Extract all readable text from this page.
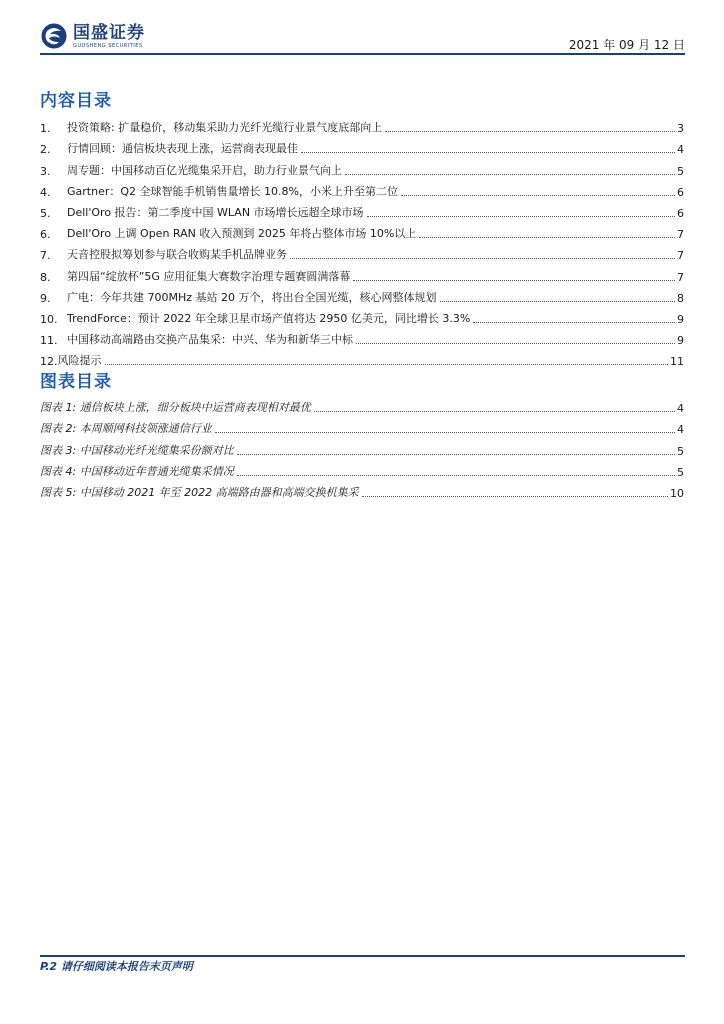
国盛证券
GUOSHENG SECURITIES	2021 年 09 月 12 日
内容目录
1.	投资策略: 扩量稳价，移动集采助力光纤光缆行业景气度底部向上	3
2.	行情回顾：通信板块表现上涨，运营商表现最佳	4
3.	周专题：中国移动百亿光缆集采开启，助力行业景气向上	5
4.	Gartner：Q2 全球智能手机销售量增长 10.8%，小米上升至第二位	6
5.	Dell'Oro 报告：第二季度中国 WLAN 市场增长远超全球市场	6
6.	Dell'Oro 上调 Open RAN 收入预测到 2025 年将占整体市场 10%以上	7
7.	天音控股拟筹划参与联合收购某手机品牌业务	7
8.	第四届“绽放杯”5G 应用征集大赛数字治理专题赛圆满落幕	7
9.	广电：今年共建 700MHz 基站 20 万个，将出台全国光缆，核心网整体规划	8
10. TrendForce：预计 2022 年全球卫星市场产值将达 2950 亿美元，同比增长 3.3%	9
11. 中国移动高端路由交换产品集采：中兴、华为和新华三中标	9
12. 风险提示	11
图表目录
图表 1: 通信板块上涨，细分板块中运营商表现相对最优	4
图表 2: 本周顺网科技领涨通信行业	4
图表 3: 中国移动光纤光缆集采份额对比	5
图表 4: 中国移动近年普通光缆集采情况	5
图表 5: 中国移动 2021 年至 2022 高端路由器和高端交换机集采	10
P.2 请仔细阅读本报告末页声明
